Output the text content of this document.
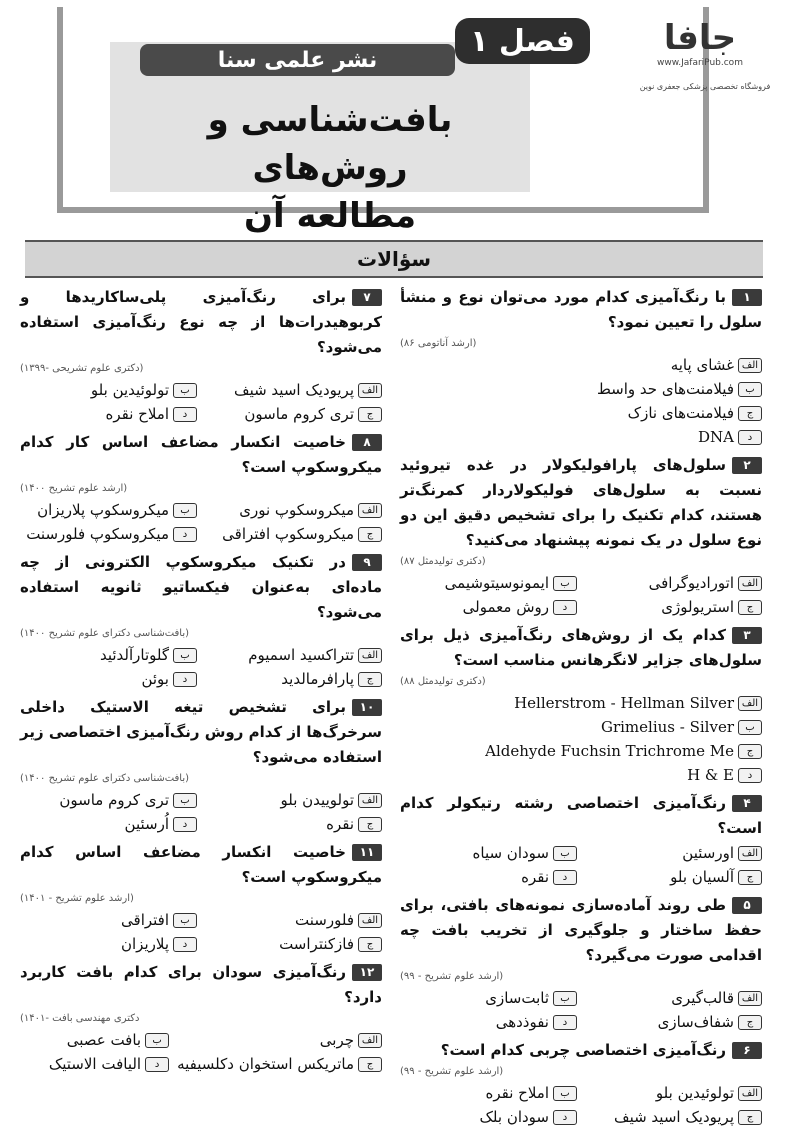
فصل ۱
نشر علمی سنا
بافت‌شناسی و روش‌های
مطالعه آن
جافا
www.JafariPub.com
فروشگاه تخصصی پزشکی جعفری نوین
سؤالات
۱با رنگ‌آمیزی کدام مورد می‌توان نوع و منشأ سلول را تعیین نمود؟
(ارشد آناتومی ۸۶)
الفغشای پایه
بفیلامنت‌های حد واسط
جفیلامنت‌های نازک
دDNA
۲سلول‌های پارافولیکولار در غده تیروئید نسبت به سلول‌های فولیکولاردار کمرنگ‌تر هستند، کدام تکنیک را برای تشخیص دقیق این دو نوع سلول در یک نمونه پیشنهاد می‌کنید؟
(دکتری تولیدمثل ۸۷)
الفاتورادیوگرافی
بایمونوسیتوشیمی
جاستریولوژی
دروش معمولی
۳کدام یک از روش‌های رنگ‌آمیزی ذیل برای سلول‌های جزایر لانگرهانس مناسب است؟
(دکتری تولیدمثل ۸۸)
الفHellerstrom - Hellman Silver
بGrimelius - Silver
جAldehyde Fuchsin Trichrome Me
دH & E
۴رنگ‌آمیزی اختصاصی رشته رتیکولر کدام است؟
الفاورسئین
بسودان سیاه
جآلسیان بلو
دنقره
۵طی روند آماده‌سازی نمونه‌های بافتی، برای حفظ ساختار و جلوگیری از تخریب بافت چه اقدامی صورت می‌گیرد؟
(ارشد علوم تشریح - ۹۹)
الفقالب‌گیری
بثابت‌سازی
جشفاف‌سازی
دنفوذدهی
۶رنگ‌آمیزی اختصاصی چربی کدام است؟
(ارشد علوم تشریح - ۹۹)
الفتولوئیدین بلو
باملاح نقره
جپریودیک اسید شیف
دسودان بلک
۷برای رنگ‌آمیزی پلی‌ساکاریدها و کربوهیدرات‌ها از چه نوع رنگ‌آمیزی استفاده می‌شود؟
(دکتری علوم تشریحی -۱۳۹۹)
الفپریودیک اسید شیف
بتولوئیدین بلو
جتری کروم ماسون
داملاح نقره
۸خاصیت انکسار مضاعف اساس کار کدام میکروسکوپ است؟
(ارشد علوم تشریح ۱۴۰۰)
الفمیکروسکوپ نوری
بمیکروسکوپ پلاریزان
جمیکروسکوپ افتراقی
دمیکروسکوپ فلورسنت
۹در تکنیک میکروسکوپ الکترونی از چه ماده‌ای به‌عنوان فیکساتیو ثانویه استفاده می‌شود؟
(بافت‌شناسی دکترای علوم تشریح ۱۴۰۰)
الفتتراکسید اسمیوم
بگلوتارآلدئید
جپارافرمالدید
دبوئن
۱۰برای تشخیص تیغه الاستیک داخلی سرخرگ‌ها از کدام روش رنگ‌آمیزی اختصاصی زیر استفاده می‌شود؟
(بافت‌شناسی دکترای علوم تشریح ۱۴۰۰)
الفتولوییدن بلو
بتری کروم ماسون
جنقره
داُرسئین
۱۱خاصیت انکسار مضاعف اساس کدام میکروسکوپ است؟
(ارشد علوم تشریح - ۱۴۰۱)
الففلورسنت
بافتراقی
جفازکنتراست
دپلاریزان
۱۲رنگ‌آمیزی سودان برای کدام بافت کاربرد دارد؟
دکتری مهندسی بافت -۱۴۰۱)
الفچربی
ببافت عصبی
جماتریکس استخوان دکلسیفیه
دالیافت الاستیک
